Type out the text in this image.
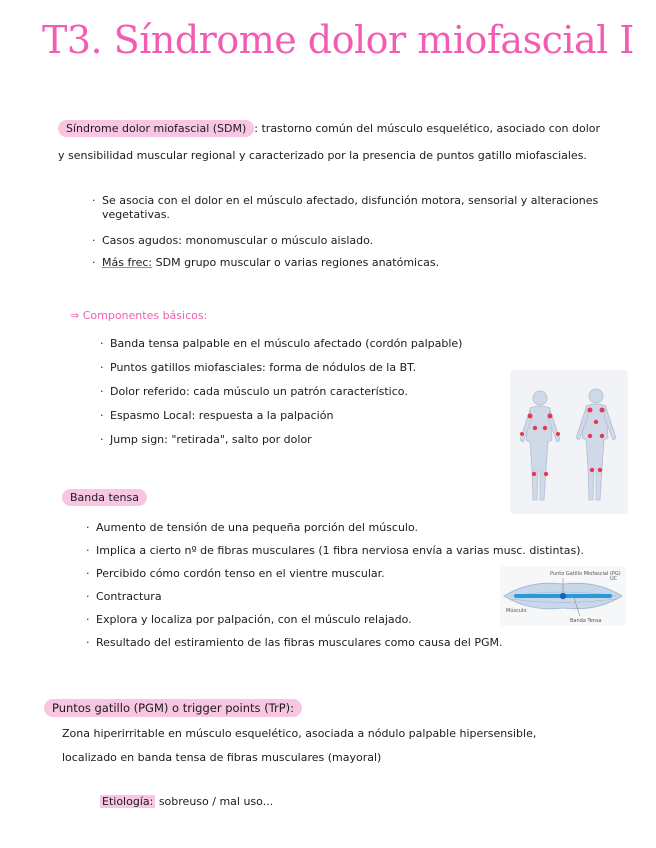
T3. Síndrome dolor miofascial I
Síndrome dolor miofascial (SDM) : trastorno común del músculo esquelético, asociado con dolor
y sensibilidad muscular regional y caracterizado por la presencia de puntos gatillo miofasciales.
· Se asocia con el dolor en el músculo afectado, disfunción motora, sensorial y alteraciones
vegetativas.
· Casos agudos: monomuscular o músculo aislado.
· Más frec: SDM grupo muscular o varias regiones anatómicas.
⇒ Componentes básicos:
· Banda tensa palpable en el músculo afectado (cordón palpable)
· Puntos gatillos miofasciales: forma de nódulos de la BT.
· Dolor referido: cada músculo un patrón característico.
· Espasmo Local: respuesta a la palpación
· Jump sign: "retirada", salto por dolor
Banda tensa
· Aumento de tensión de una pequeña porción del músculo.
· Implica a cierto nº de fibras musculares (1 fibra nerviosa envía a varias musc. distintas).
· Percibido cómo cordón tenso en el vientre muscular.
· Contractura
· Explora y localiza por palpación, con el músculo relajado.
· Resultado del estiramiento de las fibras musculares como causa del PGM.
Punto Gatillo Miofascial (PG)
Músculo
Banda Tensa
UC
Puntos gatillo (PGM) o trigger points (TrP):
Zona hiperirritable en músculo esquelético, asociada a nódulo palpable hipersensible,
localizado en banda tensa de fibras musculares (mayoral)
Etiología: sobreuso / mal uso...
